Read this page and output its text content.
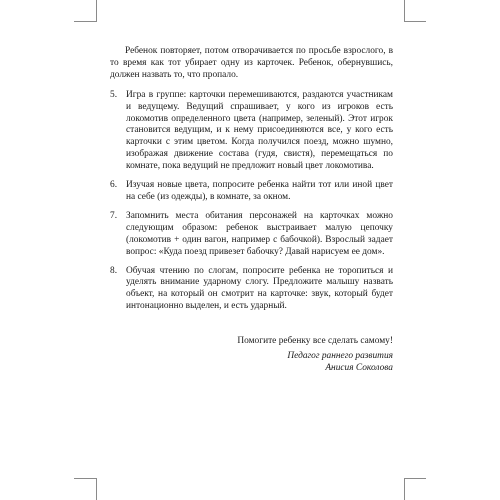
Ребенок повторяет, потом отворачивается по просьбе взрослого, в то время как тот убирает одну из карточек. Ребенок, обернувшись, должен назвать то, что пропало.

5. Игра в группе: карточки перемешиваются, раздаются участникам и ведущему. Ведущий спрашивает, у кого из игроков есть локомотив определенного цвета (например, зеленый). Этот игрок становится ведущим, и к нему присоединяются все, у кого есть карточки с этим цветом. Когда получился поезд, можно шумно, изображая движение состава (гудя, свистя), перемещаться по комнате, пока ведущий не предложит новый цвет локомотива.

6. Изучая новые цвета, попросите ребенка найти тот или иной цвет на себе (из одежды), в комнате, за окном.

7. Запомнить места обитания персонажей на карточках можно следующим образом: ребенок выстраивает малую цепочку (локомотив + один вагон, например с бабочкой). Взрослый задает вопрос: «Куда поезд привезет бабочку? Давай нарисуем ее дом».

8. Обучая чтению по слогам, попросите ребенка не торопиться и уделять внимание ударному слогу. Предложите малышу назвать объект, на который он смотрит на карточке: звук, который будет интонационно выделен, и есть ударный.

Помогите ребенку все сделать самому!

Педагог раннего развития

Анисия Соколова
